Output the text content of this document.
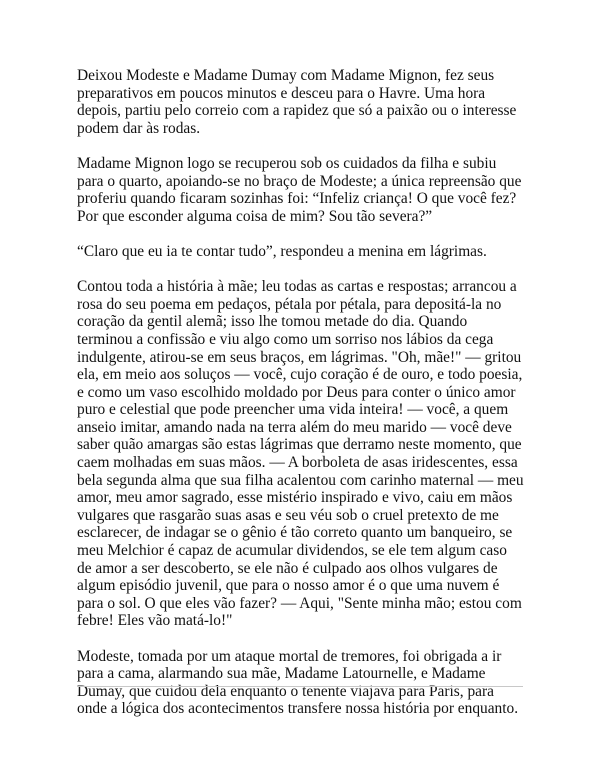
Deixou Modeste e Madame Dumay com Madame Mignon, fez seus preparativos em poucos minutos e desceu para o Havre. Uma hora depois, partiu pelo correio com a rapidez que só a paixão ou o interesse podem dar às rodas.

Madame Mignon logo se recuperou sob os cuidados da filha e subiu para o quarto, apoiando-se no braço de Modeste; a única repreensão que proferiu quando ficaram sozinhas foi: “Infeliz criança! O que você fez? Por que esconder alguma coisa de mim? Sou tão severa?”

“Claro que eu ia te contar tudo”, respondeu a menina em lágrimas.

Contou toda a história à mãe; leu todas as cartas e respostas; arrancou a rosa do seu poema em pedaços, pétala por pétala, para depositá-la no coração da gentil alemã; isso lhe tomou metade do dia. Quando terminou a confissão e viu algo como um sorriso nos lábios da cega indulgente, atirou-se em seus braços, em lágrimas. "Oh, mãe!" — gritou ela, em meio aos soluços — você, cujo coração é de ouro, e todo poesia, e como um vaso escolhido moldado por Deus para conter o único amor puro e celestial que pode preencher uma vida inteira! — você, a quem anseio imitar, amando nada na terra além do meu marido — você deve saber quão amargas são estas lágrimas que derramo neste momento, que caem molhadas em suas mãos. — A borboleta de asas iridescentes, essa bela segunda alma que sua filha acalentou com carinho maternal — meu amor, meu amor sagrado, esse mistério inspirado e vivo, caiu em mãos vulgares que rasgarão suas asas e seu véu sob o cruel pretexto de me esclarecer, de indagar se o gênio é tão correto quanto um banqueiro, se meu Melchior é capaz de acumular dividendos, se ele tem algum caso de amor a ser descoberto, se ele não é culpado aos olhos vulgares de algum episódio juvenil, que para o nosso amor é o que uma nuvem é para o sol. O que eles vão fazer? — Aqui, "Sente minha mão; estou com febre! Eles vão matá-lo!"

Modeste, tomada por um ataque mortal de tremores, foi obrigada a ir para a cama, alarmando sua mãe, Madame Latournelle, e Madame Dumay, que cuidou dela enquanto o tenente viajava para Paris, para onde a lógica dos acontecimentos transfere nossa história por enquanto.
